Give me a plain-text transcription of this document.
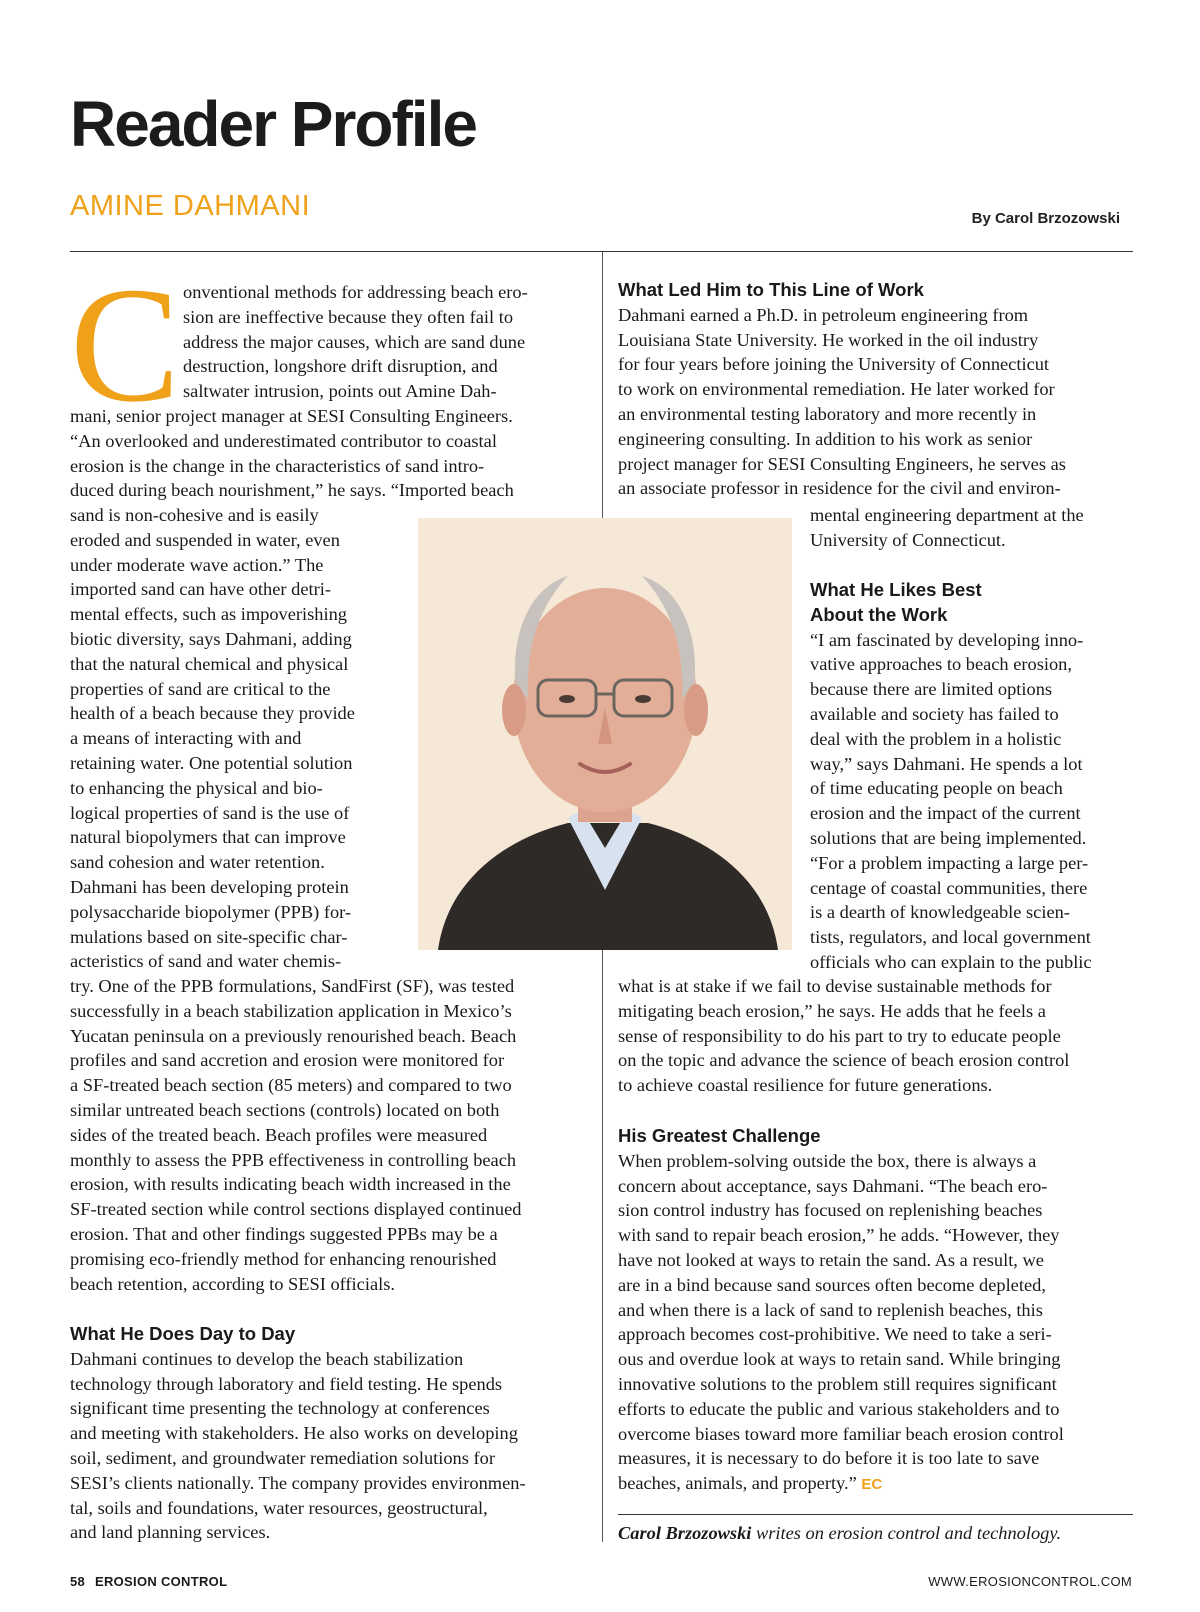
Reader Profile
AMINE DAHMANI	By Carol Brzozowski
C onventional methods for addressing beach ero-
sion are ineffective because they often fail to
address the major causes, which are sand dune
destruction, longshore drift disruption, and
saltwater intrusion, points out Amine Dah-
mani, senior project manager at SESI Consulting Engineers.
“An overlooked and underestimated contributor to coastal
erosion is the change in the characteristics of sand intro-
duced during beach nourishment,” he says. “Imported beach
sand is non-cohesive and is easily
eroded and suspended in water, even
under moderate wave action.” The
imported sand can have other detri-
mental effects, such as impoverishing
biotic diversity, says Dahmani, adding
that the natural chemical and physical
properties of sand are critical to the
health of a beach because they provide
a means of interacting with and
retaining water. One potential solution
to enhancing the physical and bio-
logical properties of sand is the use of
natural biopolymers that can improve
sand cohesion and water retention.
Dahmani has been developing protein
polysaccharide biopolymer (PPB) for-
mulations based on site-specific char-
acteristics of sand and water chemis-
try. One of the PPB formulations, SandFirst (SF), was tested
successfully in a beach stabilization application in Mexico’s
Yucatan peninsula on a previously renourished beach. Beach
profiles and sand accretion and erosion were monitored for
a SF-treated beach section (85 meters) and compared to two
similar untreated beach sections (controls) located on both
sides of the treated beach. Beach profiles were measured
monthly to assess the PPB effectiveness in controlling beach
erosion, with results indicating beach width increased in the
SF-treated section while control sections displayed continued
erosion. That and other findings suggested PPBs may be a
promising eco-friendly method for enhancing renourished
beach retention, according to SESI officials.
What He Does Day to Day
Dahmani continues to develop the beach stabilization
technology through laboratory and field testing. He spends
significant time presenting the technology at conferences
and meeting with stakeholders. He also works on developing
soil, sediment, and groundwater remediation solutions for
SESI’s clients nationally. The company provides environmen-
tal, soils and foundations, water resources, geostructural,
and land planning services.
What Led Him to This Line of Work
Dahmani earned a Ph.D. in petroleum engineering from
Louisiana State University. He worked in the oil industry
for four years before joining the University of Connecticut
to work on environmental remediation. He later worked for
an environmental testing laboratory and more recently in
engineering consulting. In addition to his work as senior
project manager for SESI Consulting Engineers, he serves as
an associate professor in residence for the civil and environ-
mental engineering department at the
University of Connecticut.
What He Likes Best
About the Work
“I am fascinated by developing inno-
vative approaches to beach erosion,
because there are limited options
available and society has failed to
deal with the problem in a holistic
way,” says Dahmani. He spends a lot
of time educating people on beach
erosion and the impact of the current
solutions that are being implemented.
“For a problem impacting a large per-
centage of coastal communities, there
is a dearth of knowledgeable scien-
tists, regulators, and local government
officials who can explain to the public
what is at stake if we fail to devise sustainable methods for
mitigating beach erosion,” he says. He adds that he feels a
sense of responsibility to do his part to try to educate people
on the topic and advance the science of beach erosion control
to achieve coastal resilience for future generations.
His Greatest Challenge
When problem-solving outside the box, there is always a
concern about acceptance, says Dahmani. “The beach ero-
sion control industry has focused on replenishing beaches
with sand to repair beach erosion,” he adds. “However, they
have not looked at ways to retain the sand. As a result, we
are in a bind because sand sources often become depleted,
and when there is a lack of sand to replenish beaches, this
approach becomes cost-prohibitive. We need to take a seri-
ous and overdue look at ways to retain sand. While bringing
innovative solutions to the problem still requires significant
efforts to educate the public and various stakeholders and to
overcome biases toward more familiar beach erosion control
measures, it is necessary to do before it is too late to save
beaches, animals, and property.” EC
Carol Brzozowski writes on erosion control and technology.
58 EROSION CONTROL	WWW.EROSIONCONTROL.COM
